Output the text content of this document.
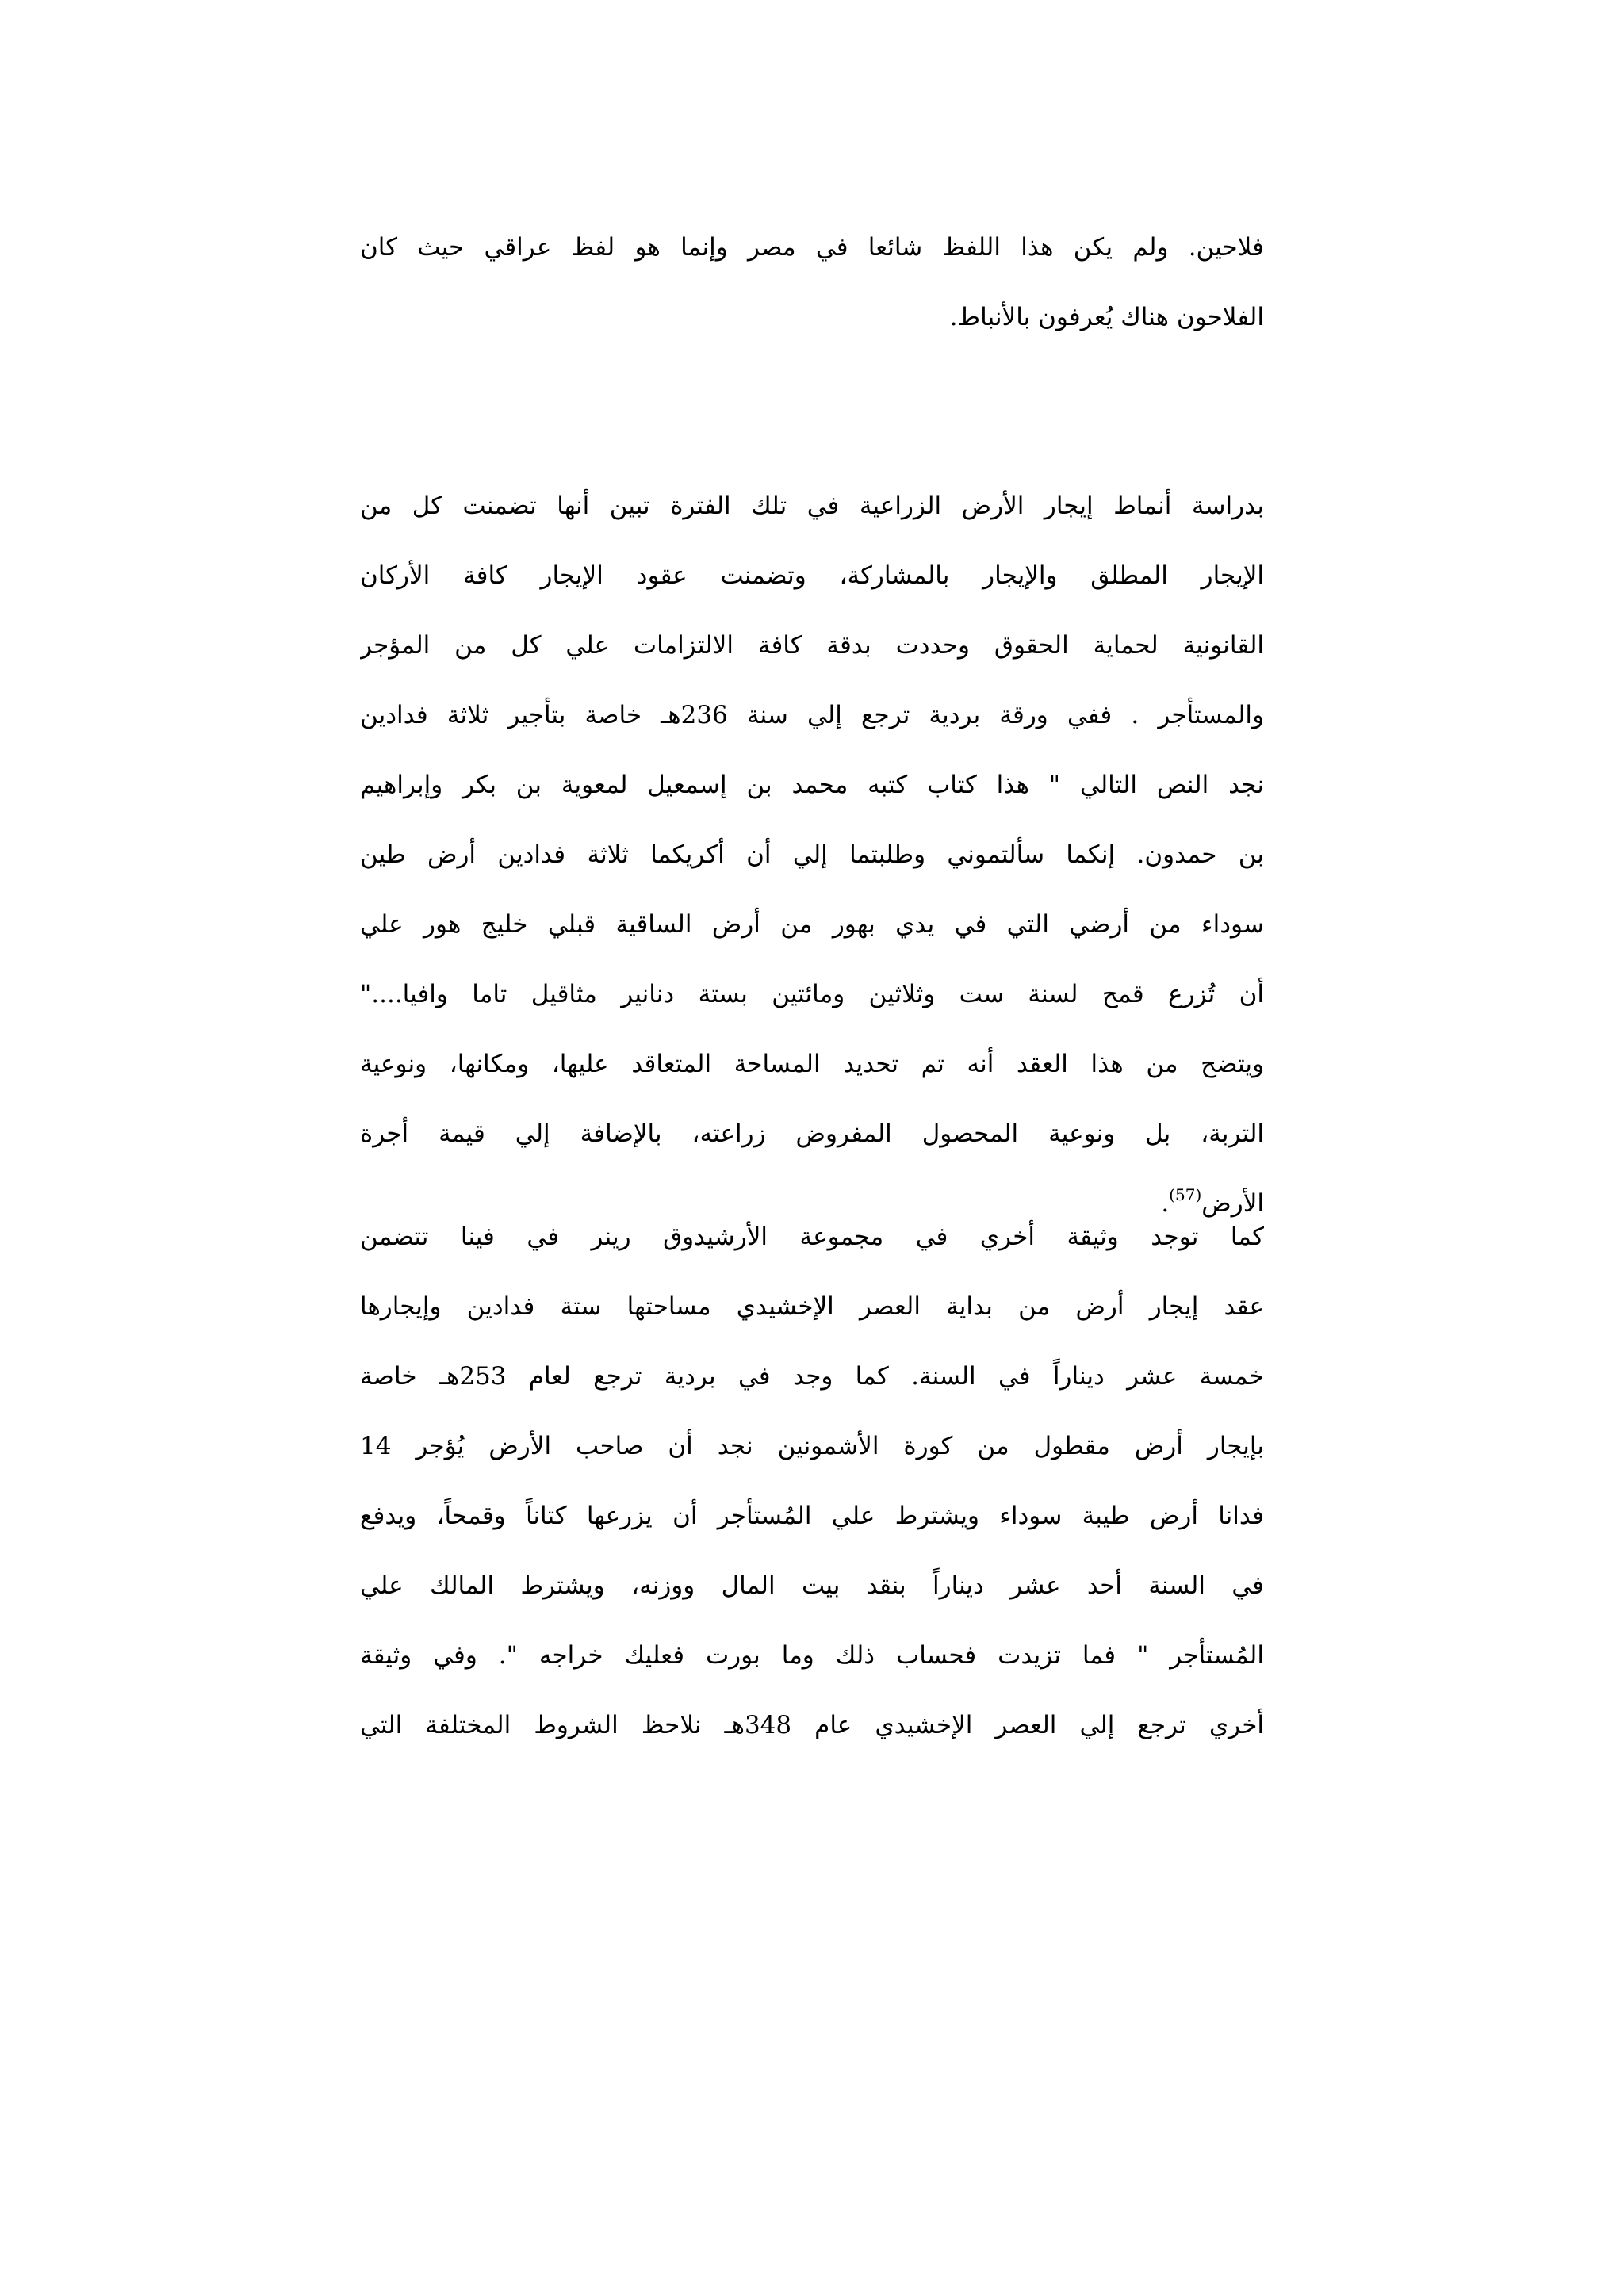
فلاحين. ولم يكن هذا اللفظ شائعا في مصر وإنما هو لفظ عراقي حيث كان
الفلاحون هناك يُعرفون بالأنباط.
بدراسة أنماط إيجار الأرض الزراعية في تلك الفترة تبين أنها تضمنت كل من
الإيجار المطلق والإيجار بالمشاركة، وتضمنت عقود الإيجار كافة الأركان
القانونية لحماية الحقوق وحددت بدقة كافة الالتزامات علي كل من المؤجر
والمستأجر . ففي ورقة بردية ترجع إلي سنة 236هـ خاصة بتأجير ثلاثة فدادين
نجد النص التالي " هذا كتاب كتبه محمد بن إسمعيل لمعوية بن بكر وإبراهيم
بن حمدون. إنكما سألتموني وطلبتما إلي أن أكريكما ثلاثة فدادين أرض طين
سوداء من أرضي التي في يدي بهور من أرض الساقية قبلي خليج هور علي
أن تُزرع قمح لسنة ست وثلاثين ومائتين بستة دنانير مثاقيل تاما وافيا...."
ويتضح من هذا العقد أنه تم تحديد المساحة المتعاقد عليها، ومكانها، ونوعية
التربة، بل ونوعية المحصول المفروض زراعته، بالإضافة إلي قيمة أجرة
الأرض$^{(57)}$.
كما توجد وثيقة أخري في مجموعة الأرشيدوق رينر في فينا تتضمن
عقد إيجار أرض من بداية العصر الإخشيدي مساحتها ستة فدادين وإيجارها
خمسة عشر ديناراً في السنة. كما وجد في بردية ترجع لعام 253هـ خاصة
بإيجار أرض مقطول من كورة الأشمونين نجد أن صاحب الأرض يُؤجر 14
فدانا أرض طيبة سوداء ويشترط علي المُستأجر أن يزرعها كتاناً وقمحاً، ويدفع
في السنة أحد عشر ديناراً بنقد بيت المال ووزنه، ويشترط المالك علي
المُستأجر " فما تزيدت فحساب ذلك وما بورت فعليك خراجه ". وفي وثيقة
أخري ترجع إلي العصر الإخشيدي عام 348هـ نلاحظ الشروط المختلفة التي
